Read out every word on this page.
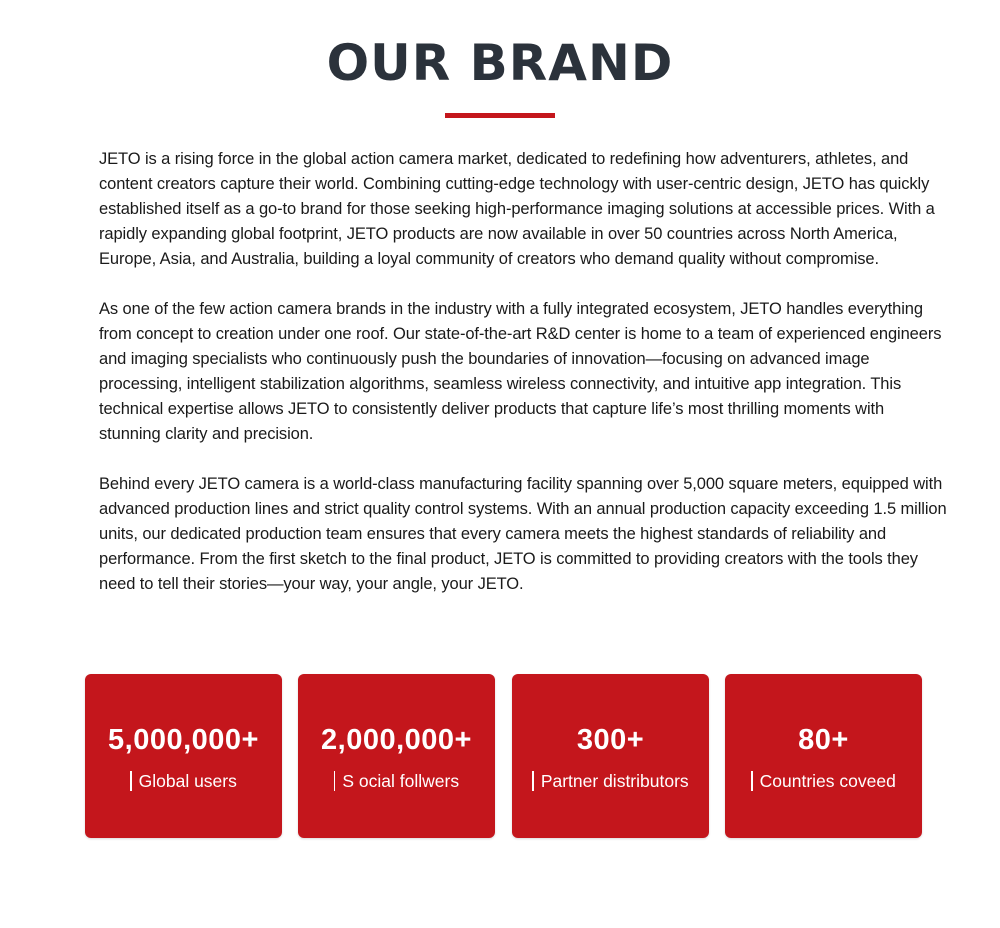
OUR BRAND

JETO is a rising force in the global action camera market, dedicated to redefining how adventurers, athletes, and content creators capture their world. Combining cutting-edge technology with user-centric design, JETO has quickly established itself as a go-to brand for those seeking high-performance imaging solutions at accessible prices. With a rapidly expanding global footprint, JETO products are now available in over 50 countries across North America, Europe, Asia, and Australia, building a loyal community of creators who demand quality without compromise.

As one of the few action camera brands in the industry with a fully integrated ecosystem, JETO handles everything from concept to creation under one roof. Our state-of-the-art R&D center is home to a team of experienced engineers and imaging specialists who continuously push the boundaries of innovation—focusing on advanced image processing, intelligent stabilization algorithms, seamless wireless connectivity, and intuitive app integration. This technical expertise allows JETO to consistently deliver products that capture life’s most thrilling moments with stunning clarity and precision.

Behind every JETO camera is a world-class manufacturing facility spanning over 5,000 square meters, equipped with advanced production lines and strict quality control systems. With an annual production capacity exceeding 1.5 million units, our dedicated production team ensures that every camera meets the highest standards of reliability and performance. From the first sketch to the final product, JETO is committed to providing creators with the tools they need to tell their stories—your way, your angle, your JETO.

5,000,000+
Global users
2,000,000+
S ocial follwers
300+
Partner distributors
80+
Countries coveed
